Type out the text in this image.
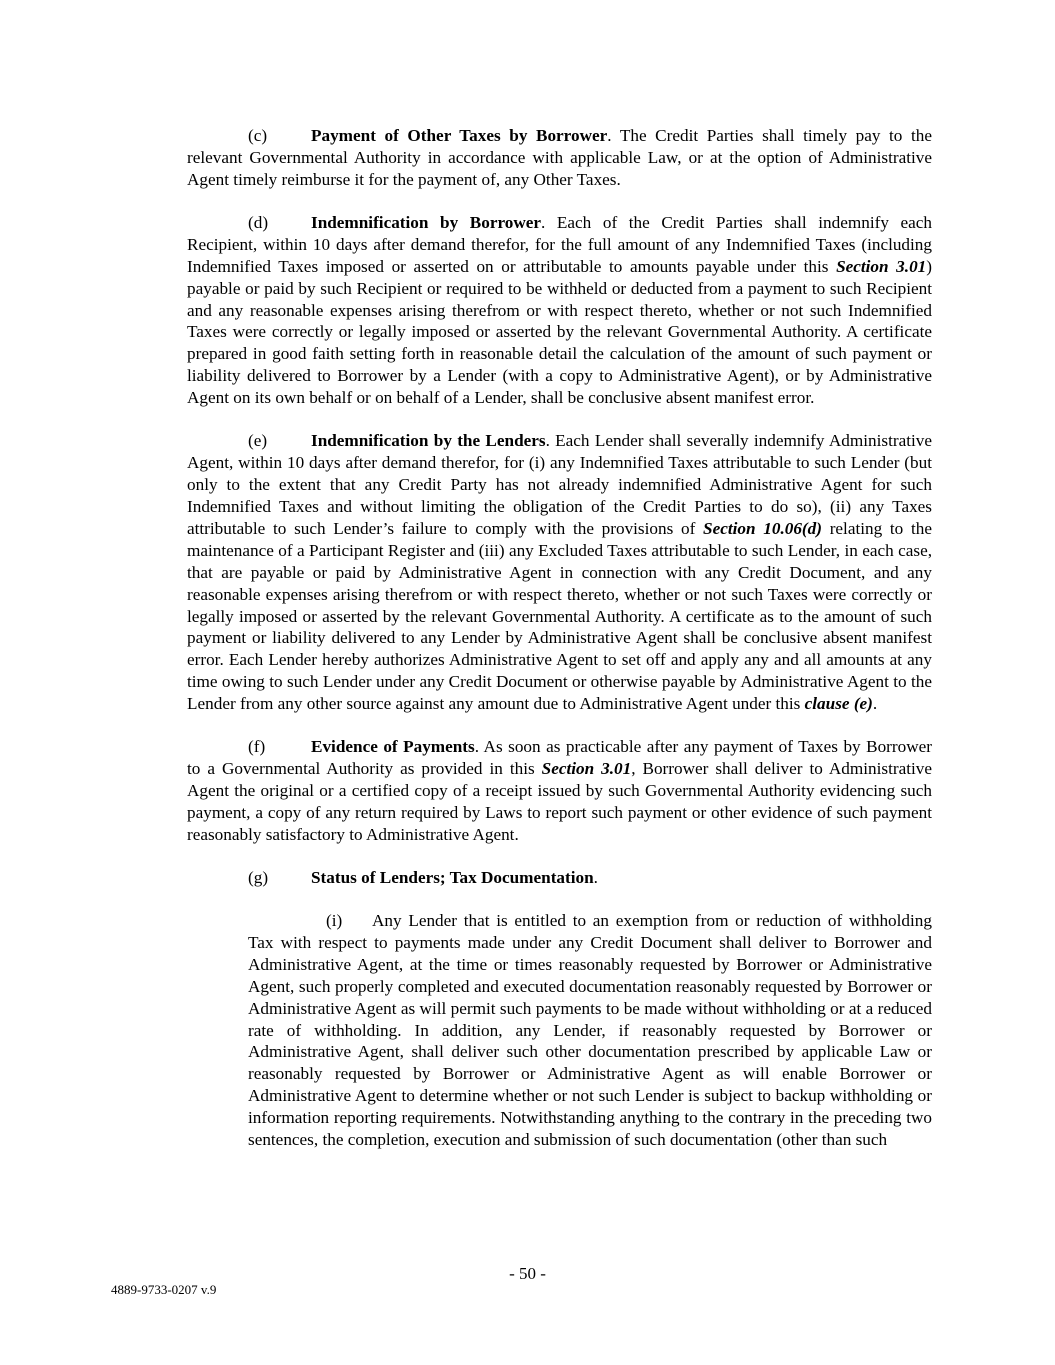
(c)	Payment of Other Taxes by Borrower. The Credit Parties shall timely pay to the relevant Governmental Authority in accordance with applicable Law, or at the option of Administrative Agent timely reimburse it for the payment of, any Other Taxes.

(d) Indemnification by Borrower. Each of the Credit Parties shall indemnify each Recipient, within 10 days after demand therefor, for the full amount of any Indemnified Taxes (including Indemnified Taxes imposed or asserted on or attributable to amounts payable under this Section 3.01) payable or paid by such Recipient or required to be withheld or deducted from a payment to such Recipient and any reasonable expenses arising therefrom or with respect thereto, whether or not such Indemnified Taxes were correctly or legally imposed or asserted by the relevant Governmental Authority. A certificate prepared in good faith setting forth in reasonable detail the calculation of the amount of such payment or liability delivered to Borrower by a Lender (with a copy to Administrative Agent), or by Administrative Agent on its own behalf or on behalf of a Lender, shall be conclusive absent manifest error.

(e)	Indemnification by the Lenders. Each Lender shall severally indemnify Administrative Agent, within 10 days after demand therefor, for (i) any Indemnified Taxes attributable to such Lender (but only to the extent that any Credit Party has not already indemnified Administrative Agent for such Indemnified Taxes and without limiting the obligation of the Credit Parties to do so), (ii) any Taxes attributable to such Lender’s failure to comply with the provisions of Section 10.06(d) relating to the maintenance of a Participant Register and (iii) any Excluded Taxes attributable to such Lender, in each case, that are payable or paid by Administrative Agent in connection with any Credit Document, and any reasonable expenses arising therefrom or with respect thereto, whether or not such Taxes were correctly or legally imposed or asserted by the relevant Governmental Authority. A certificate as to the amount of such payment or liability delivered to any Lender by Administrative Agent shall be conclusive absent manifest error. Each Lender hereby authorizes Administrative Agent to set off and apply any and all amounts at any time owing to such Lender under any Credit Document or otherwise payable by Administrative Agent to the Lender from any other source against any amount due to Administrative Agent under this clause (e).

(f)	Evidence of Payments. As soon as practicable after any payment of Taxes by Borrower to a Governmental Authority as provided in this Section 3.01, Borrower shall deliver to Administrative Agent the original or a certified copy of a receipt issued by such Governmental Authority evidencing such payment, a copy of any return required by Laws to report such payment or other evidence of such payment reasonably satisfactory to Administrative Agent.

(g) Status of Lenders; Tax Documentation.

(i) Any Lender that is entitled to an exemption from or reduction of withholding Tax with respect to payments made under any Credit Document shall deliver to Borrower and Administrative Agent, at the time or times reasonably requested by Borrower or Administrative Agent, such properly completed and executed documentation reasonably requested by Borrower or Administrative Agent as will permit such payments to be made without withholding or at a reduced rate of withholding. In addition, any Lender, if reasonably requested by Borrower or Administrative Agent, shall deliver such other documentation prescribed by applicable Law or reasonably requested by Borrower or Administrative Agent as will enable Borrower or Administrative Agent to determine whether or not such Lender is subject to backup withholding or information reporting requirements. Notwithstanding anything to the contrary in the preceding two sentences, the completion, execution and submission of such documentation (other than such

- 50 -
4889-9733-0207 v.9
